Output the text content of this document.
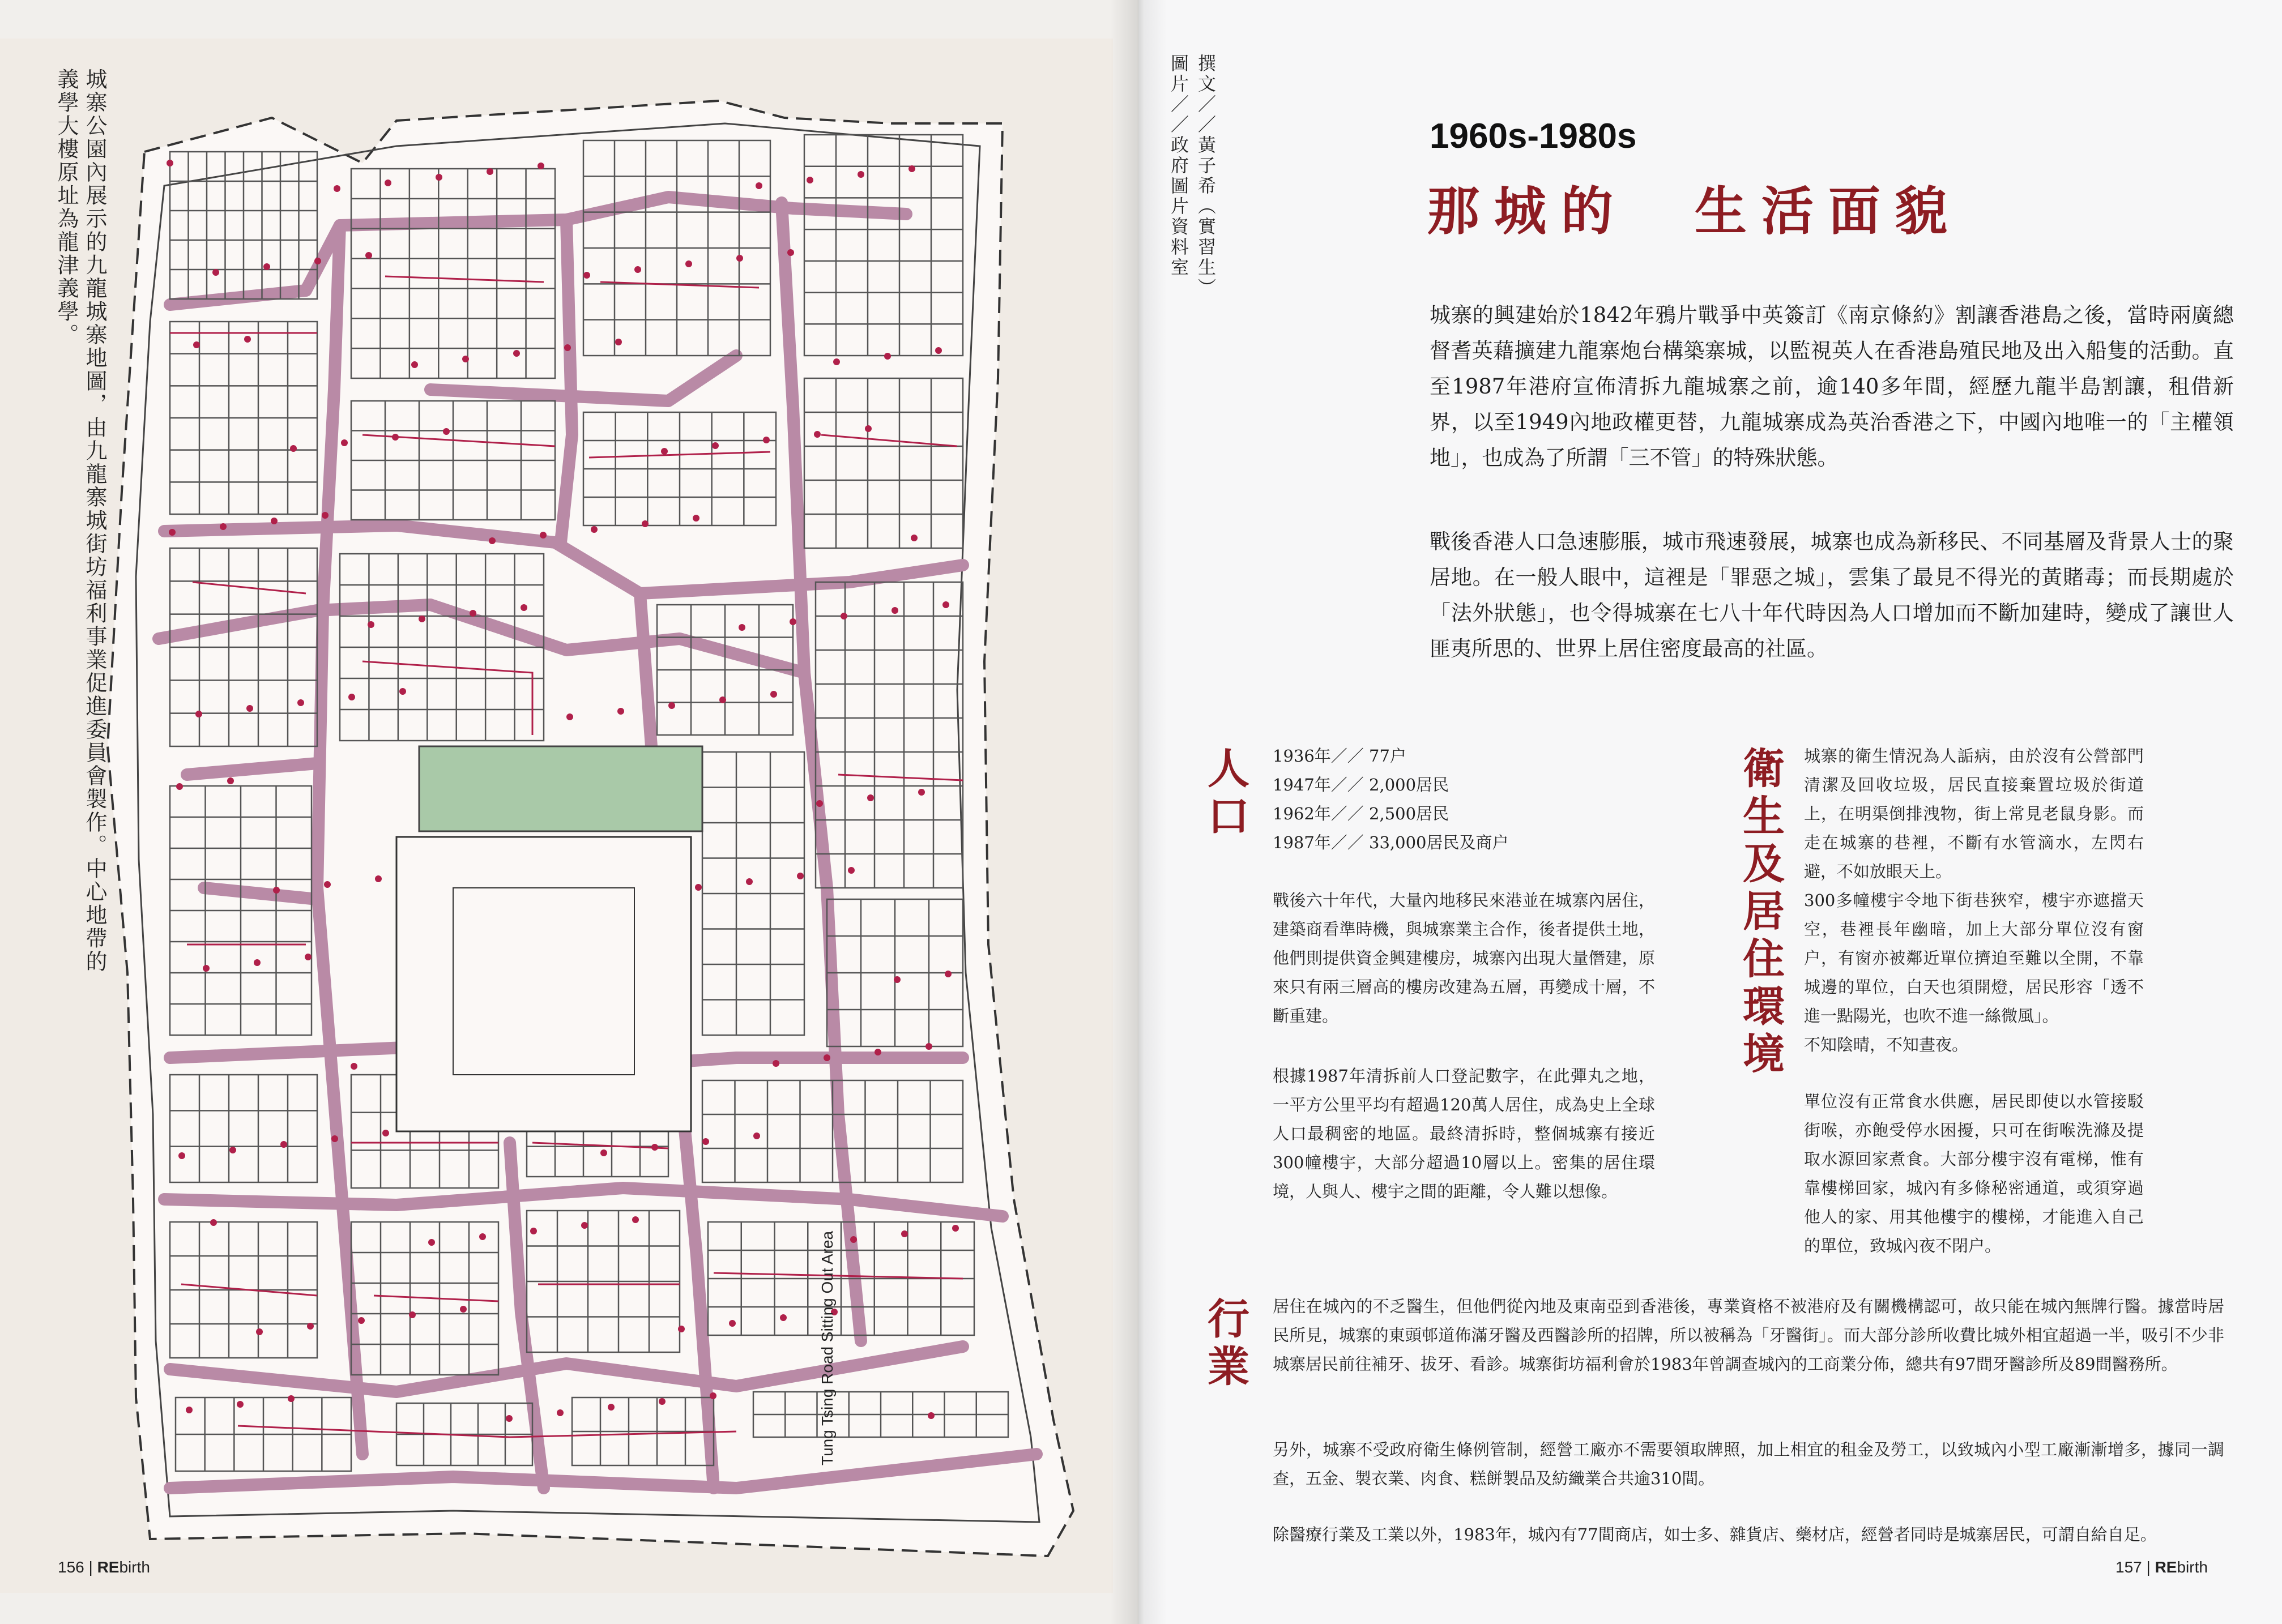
Tung Tsing Road Sitting Out Area
城寨公園內展示的九龍城寨地圖，由九龍寨城街坊福利事業促進委員會製作。中心地帶的義學大樓原址為龍津義學。
156 | REbirth
撰文／／黃子希（實習生）
圖片／／政府圖片資料室	1960s-1980s
那城的　生活面貌
城寨的興建始於1842年鴉片戰爭中英簽訂《南京條約》割讓香港島之後，當時兩廣總督耆英藉擴建九龍寨炮台構築寨城，以監視英人在香港島殖民地及出入船隻的活動。直至1987年港府宣佈清拆九龍城寨之前，逾140多年間，經歷九龍半島割讓，租借新界，以至1949內地政權更替，九龍城寨成為英治香港之下，中國內地唯一的「主權領地」，也成為了所謂「三不管」的特殊狀態。
戰後香港人口急速膨脹，城市飛速發展，城寨也成為新移民、不同基層及背景人士的聚居地。在一般人眼中，這裡是「罪惡之城」，雲集了最見不得光的黃賭毒；而長期處於「法外狀態」，也令得城寨在七八十年代時因為人口增加而不斷加建時，變成了讓世人匪夷所思的、世界上居住密度最高的社區。
人口	1936年／／ 77户
1947年／／ 2,000居民
1962年／／ 2,500居民
1987年／／ 33,000居民及商户
戰後六十年代，大量內地移民來港並在城寨內居住，建築商看準時機，與城寨業主合作，後者提供土地，他們則提供資金興建樓房，城寨內出現大量僭建，原來只有兩三層高的樓房改建為五層，再變成十層，不斷重建。
根據1987年清拆前人口登記數字，在此彈丸之地，一平方公里平均有超過120萬人居住，成為史上全球人口最稠密的地區。最終清拆時，整個城寨有接近300幢樓宇，大部分超過10層以上。密集的居住環境，人與人、樓宇之間的距離，令人難以想像。
衛生及居住環境	城寨的衛生情況為人詬病，由於沒有公營部門清潔及回收垃圾，居民直接棄置垃圾於街道上，在明渠倒排洩物，街上常見老鼠身影。而走在城寨的巷裡，不斷有水管滴水，左閃右避，不如放眼天上。
300多幢樓宇令地下街巷狹窄，樓宇亦遮擋天空，巷裡長年幽暗，加上大部分單位沒有窗户，有窗亦被鄰近單位擠迫至難以全開，不靠城邊的單位，白天也須開燈，居民形容「透不進一點陽光，也吹不進一絲微風」。
不知陰晴，不知晝夜。
單位沒有正常食水供應，居民即使以水管接駁街喉，亦飽受停水困擾，只可在街喉洗滌及提取水源回家煮食。大部分樓宇沒有電梯，惟有靠樓梯回家，城內有多條秘密通道，或須穿過他人的家、用其他樓宇的樓梯，才能進入自己的單位，致城內夜不閉户。
行業	居住在城內的不乏醫生，但他們從內地及東南亞到香港後，專業資格不被港府及有關機構認可，故只能在城內無牌行醫。據當時居民所見，城寨的東頭邨道佈滿牙醫及西醫診所的招牌，所以被稱為「牙醫街」。而大部分診所收費比城外相宜超過一半，吸引不少非城寨居民前往補牙、拔牙、看診。城寨街坊福利會於1983年曾調查城內的工商業分佈，總共有97間牙醫診所及89間醫務所。
另外，城寨不受政府衛生條例管制，經營工廠亦不需要領取牌照，加上相宜的租金及勞工，以致城內小型工廠漸漸增多，據同一調查，五金、製衣業、肉食、糕餅製品及紡織業合共逾310間。
除醫療行業及工業以外，1983年，城內有77間商店，如士多、雜貨店、藥材店，經營者同時是城寨居民，可謂自給自足。
157 | REbirth
